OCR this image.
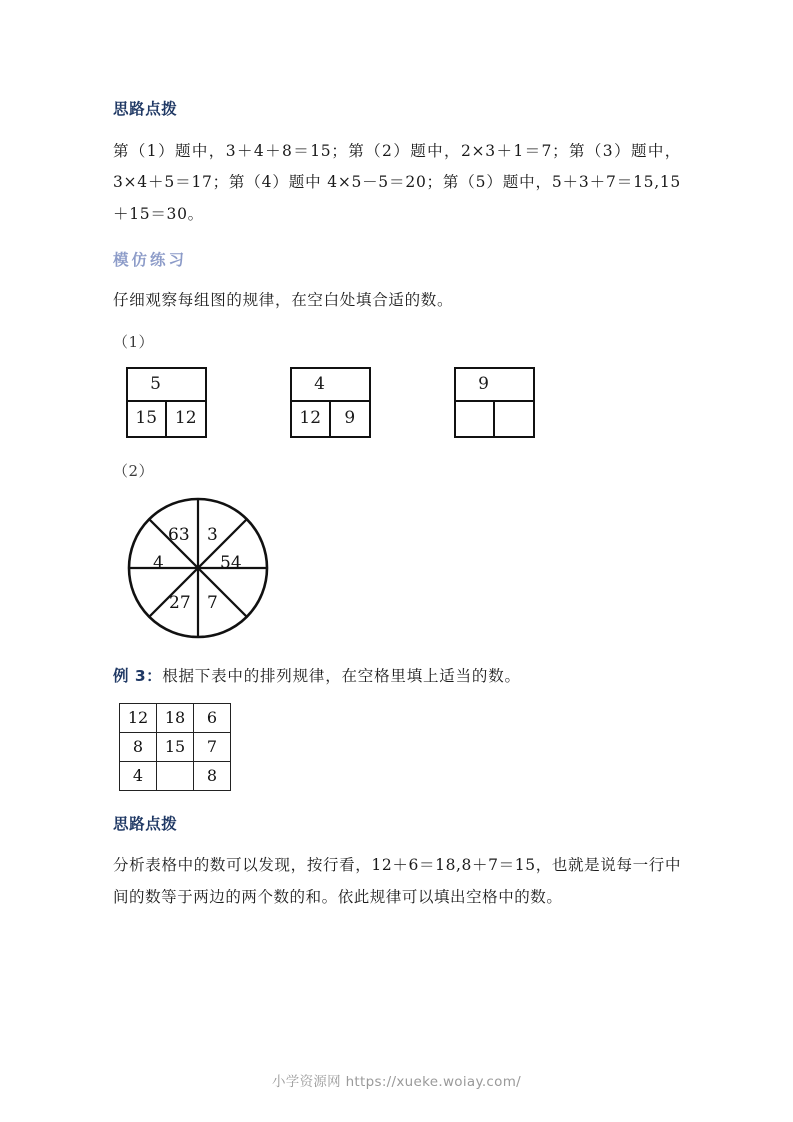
思路点拨

第（1）题中，3＋4＋8＝15；第（2）题中，2×3＋1＝7；第（3）题中，3×4＋5＝17；第（4）题中 4×5－5＝20；第（5）题中，5＋3＋7＝15,15＋15＝30。

模仿练习

仔细观察每组图的规律，在空白处填合适的数。

（1）
5
15	12
4
12	9
9
（2）
4
63 3
54
7
27
例 3：根据下表中的排列规律，在空格里填上适当的数。
12	18	6
8	15	7
4		8
思路点拨

分析表格中的数可以发现，按行看，12＋6＝18,8＋7＝15，也就是说每一行中间的数等于两边的两个数的和。依此规律可以填出空格中的数。

小学资源网 https://xueke.woiay.com/
